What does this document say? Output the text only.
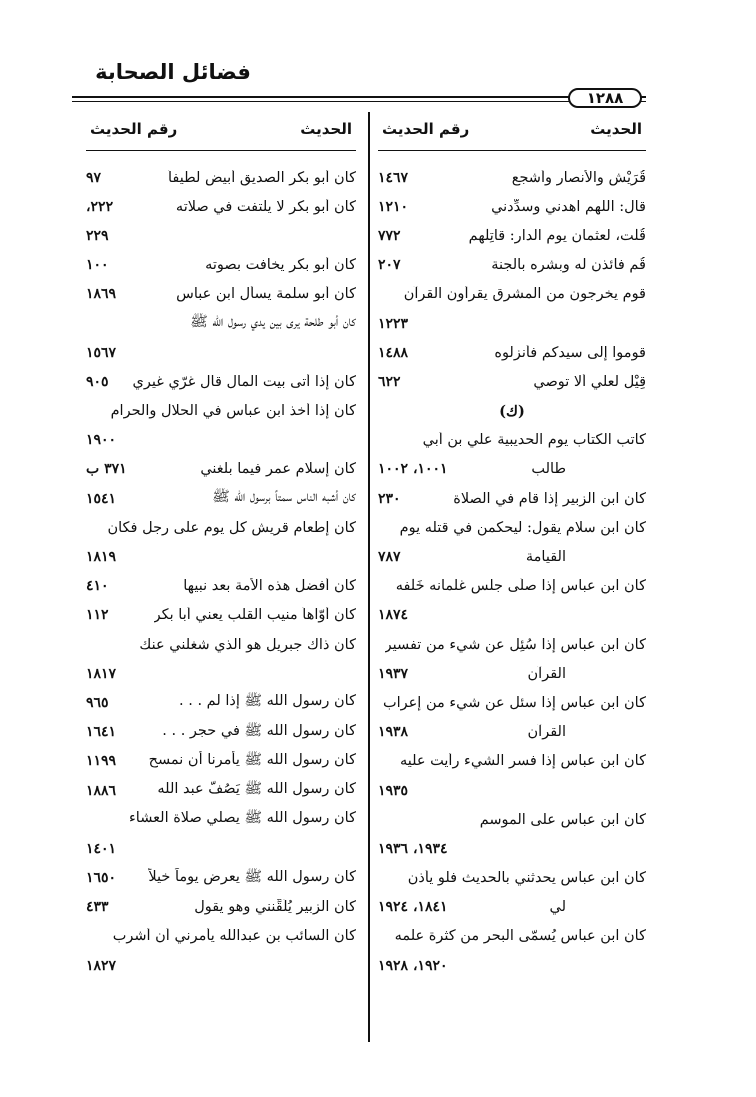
فضائل الصحابة
١٢٨٨
الحديث
رقم الحديث
قُرَيْش والأنصار وأشجع
١٤٦٧
قال: اللهم اهدني وسدِّدني
١٢١٠
قُلْت، لعثمان يوم الدار: قاتِلْهم
٧٧٢
قُم فائذن له وبشره بالجنة
٢٠٧
قوم يخرجون من المشرق يقرأون القرآن
١٢٢٣
قوموا إلى سيدكم فأنزلوه
١٤٨٨
قِيْل لعلي ألا توصي
٦٢٢
(ك)
كاتب الكتاب يوم الحديبية علي بن أبي
طالب
١٠٠١، ١٠٠٢
كان ابن الزبير إذا قام في الصلاة
٢٣٠
كان ابن سلام يقول: ليحكمن في قتله يوم
القيامة
٧٨٧
كان ابن عباس إذا صلّى جلس غلمانه خَلْفه
١٨٧٤
كان ابن عباس إذا سُئِل عن شيء من تفسير
القرآن
١٩٣٧
كان ابن عباس إذا سئل عن شيء من إعراب
القرآن
١٩٣٨
كان ابن عباس إذا فسر الشيء رأيت عليه
١٩٣٥
كان ابن عباس على الموسم
١٩٣٤، ١٩٣٦
كان ابن عباس يحدثني بالحديث فلو يأذن
لي
١٨٤١، ١٩٢٤
كان ابن عباس يُسمّى البحر من كثرة علمه
١٩٢٠، ١٩٢٨
الحديث
رقم الحديث
كان أبو بكر الصديق أبيض لطيفاً
٩٧
كان أبو بكر لا يلتفت في صلاته
٢٢٢،
٢٢٩
كان أبو بكر يخافت بصوته
١٠٠
كان أبو سلمة يسأل ابن عباس
١٨٦٩
كان أبو طلحة يرى بين يدي رسول الله ﷺ
١٥٦٧
كان إذا أتى بيت المال قال غرّي غيري
٩٠٥
كان إذا أخذ ابن عباس في الحلال والحرام
١٩٠٠
كان إسلام عمر فيما بلغني
٣٧١ ب
كان أشبه الناس سمتاً برسول الله ﷺ
١٥٤١
كان إطعام قريش كل يوم على رجل فكان
١٨١٩
كان أفضل هذه الأمة بعد نبيها
٤١٠
كان أوّاهاً منيب القلب يعني أبا بكر
١١٢
كان ذاك جبريل هو الذي شغلني عنك
١٨١٧
كان رسول الله ﷺ إذا لم . . .
٩٦٥
كان رسول الله ﷺ في حجر . . .
١٦٤١
كان رسول الله ﷺ يأمرنا أن نمسح
١١٩٩
كان رسول الله ﷺ يَصُفّ عبد الله
١٨٨٦
كان رسول الله ﷺ يصلي صلاة العشاء
١٤٠١
كان رسول الله ﷺ يعرض يوماً خيلاً
١٦٥٠
كان الزبير يُلَقِّنني وهو يقول
٤٣٣
كان السائب بن عبدالله يأمرني أن أشرب
١٨٢٧
